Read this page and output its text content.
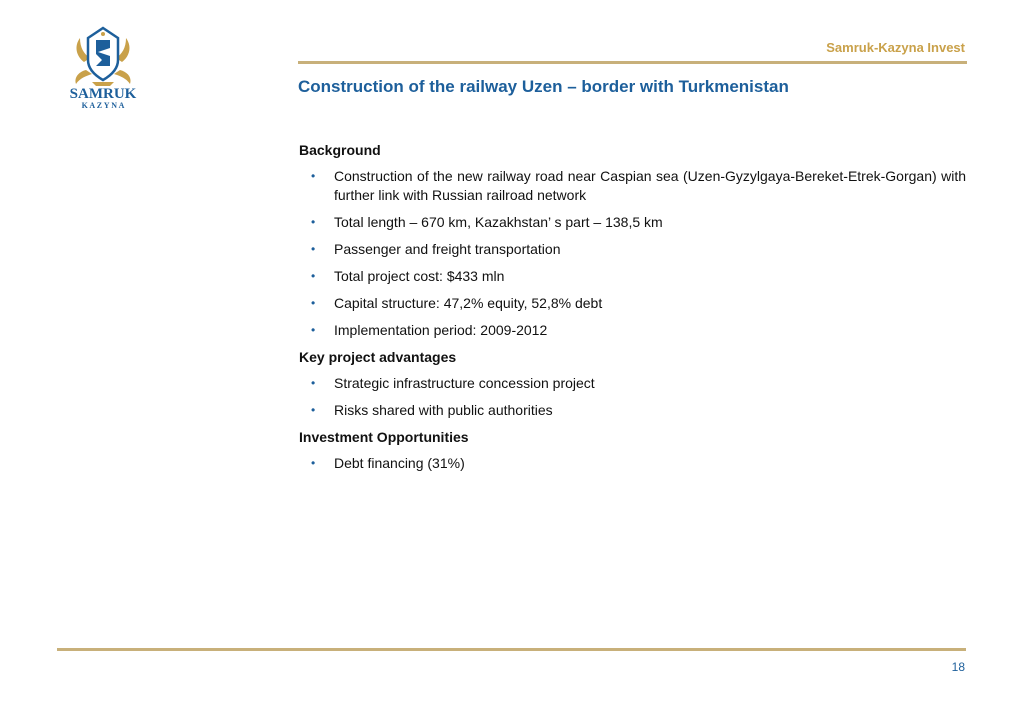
SAMRUK
K A Z Y N A
Samruk-Kazyna Invest
Construction of the railway Uzen – border with Turkmenistan
Background
• Construction of the new railway road near Caspian sea (Uzen-Gyzylgaya-Bereket-Etrek-Gorgan) with further link with Russian railroad network
• Total length – 670 km, Kazakhstan’ s part – 138,5 km
• Passenger and freight transportation
• Total project cost: $433 mln
• Capital structure: 47,2% equity, 52,8% debt
• Implementation period: 2009-2012
Key project advantages
• Strategic infrastructure concession project
• Risks shared with public authorities
Investment Opportunities
• Debt financing (31%)
18
